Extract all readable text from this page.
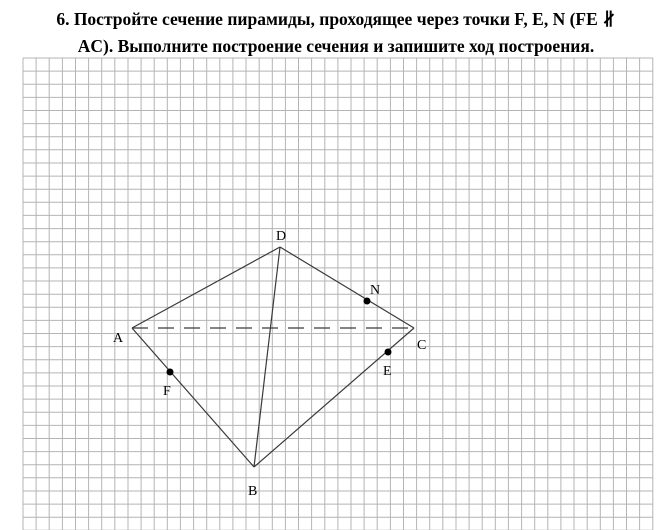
6. Постройте сечение пирамиды, проходящее через точки F, E, N (FE ∦
AC). Выполните построение сечения и запишите ход построения.
A
B
C
D
F
E
N
